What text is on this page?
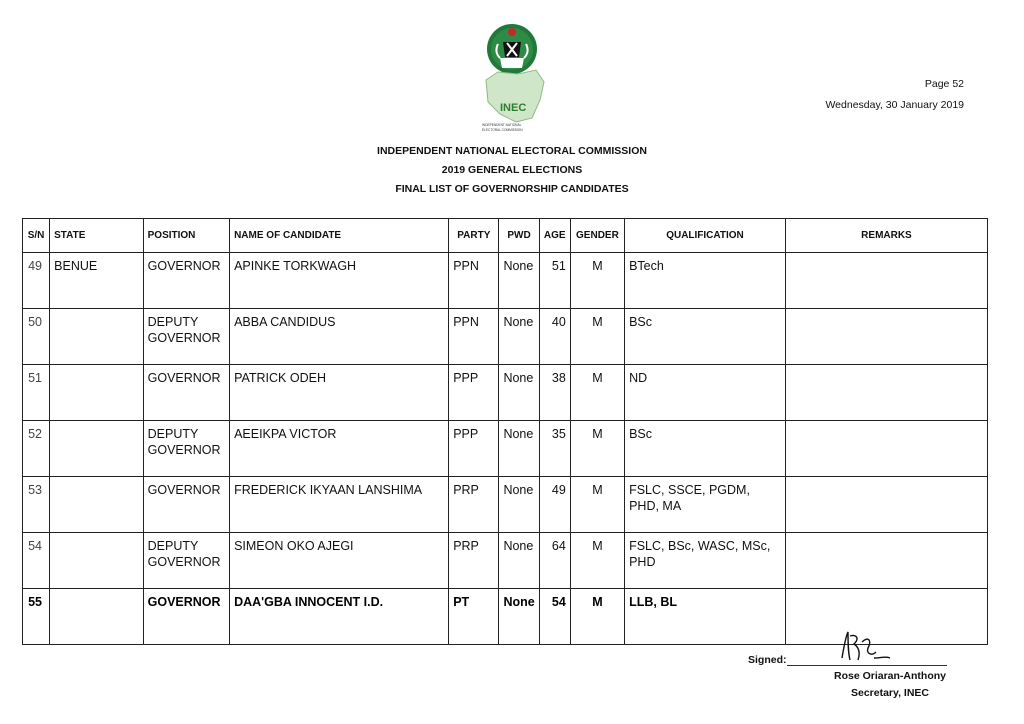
INEC
INDEPENDENT NATIONAL
ELECTORAL COMMISSION
Page 52
Wednesday, 30 January 2019
INDEPENDENT NATIONAL ELECTORAL COMMISSION
2019 GENERAL ELECTIONS
FINAL LIST OF GOVERNORSHIP CANDIDATES
S/N	STATE	POSITION	NAME OF CANDIDATE	PARTY	PWD	AGE	GENDER	QUALIFICATION	REMARKS
49	BENUE	GOVERNOR	APINKE TORKWAGH	PPN	None	51	M	BTech	
50		DEPUTY GOVERNOR	ABBA CANDIDUS	PPN	None	40	M	BSc	
51		GOVERNOR	PATRICK ODEH	PPP	None	38	M	ND	
52		DEPUTY GOVERNOR	AEEIKPA VICTOR	PPP	None	35	M	BSc	
53		GOVERNOR	FREDERICK IKYAAN LANSHIMA	PRP	None	49	M	FSLC, SSCE, PGDM, PHD, MA	
54		DEPUTY GOVERNOR	SIMEON OKO AJEGI	PRP	None	64	M	FSLC, BSc, WASC, MSc, PHD	
55		GOVERNOR	DAA'GBA INNOCENT I.D.	PT	None	54	M	LLB, BL	
Signed:
Rose Oriaran-Anthony
Secretary, INEC
